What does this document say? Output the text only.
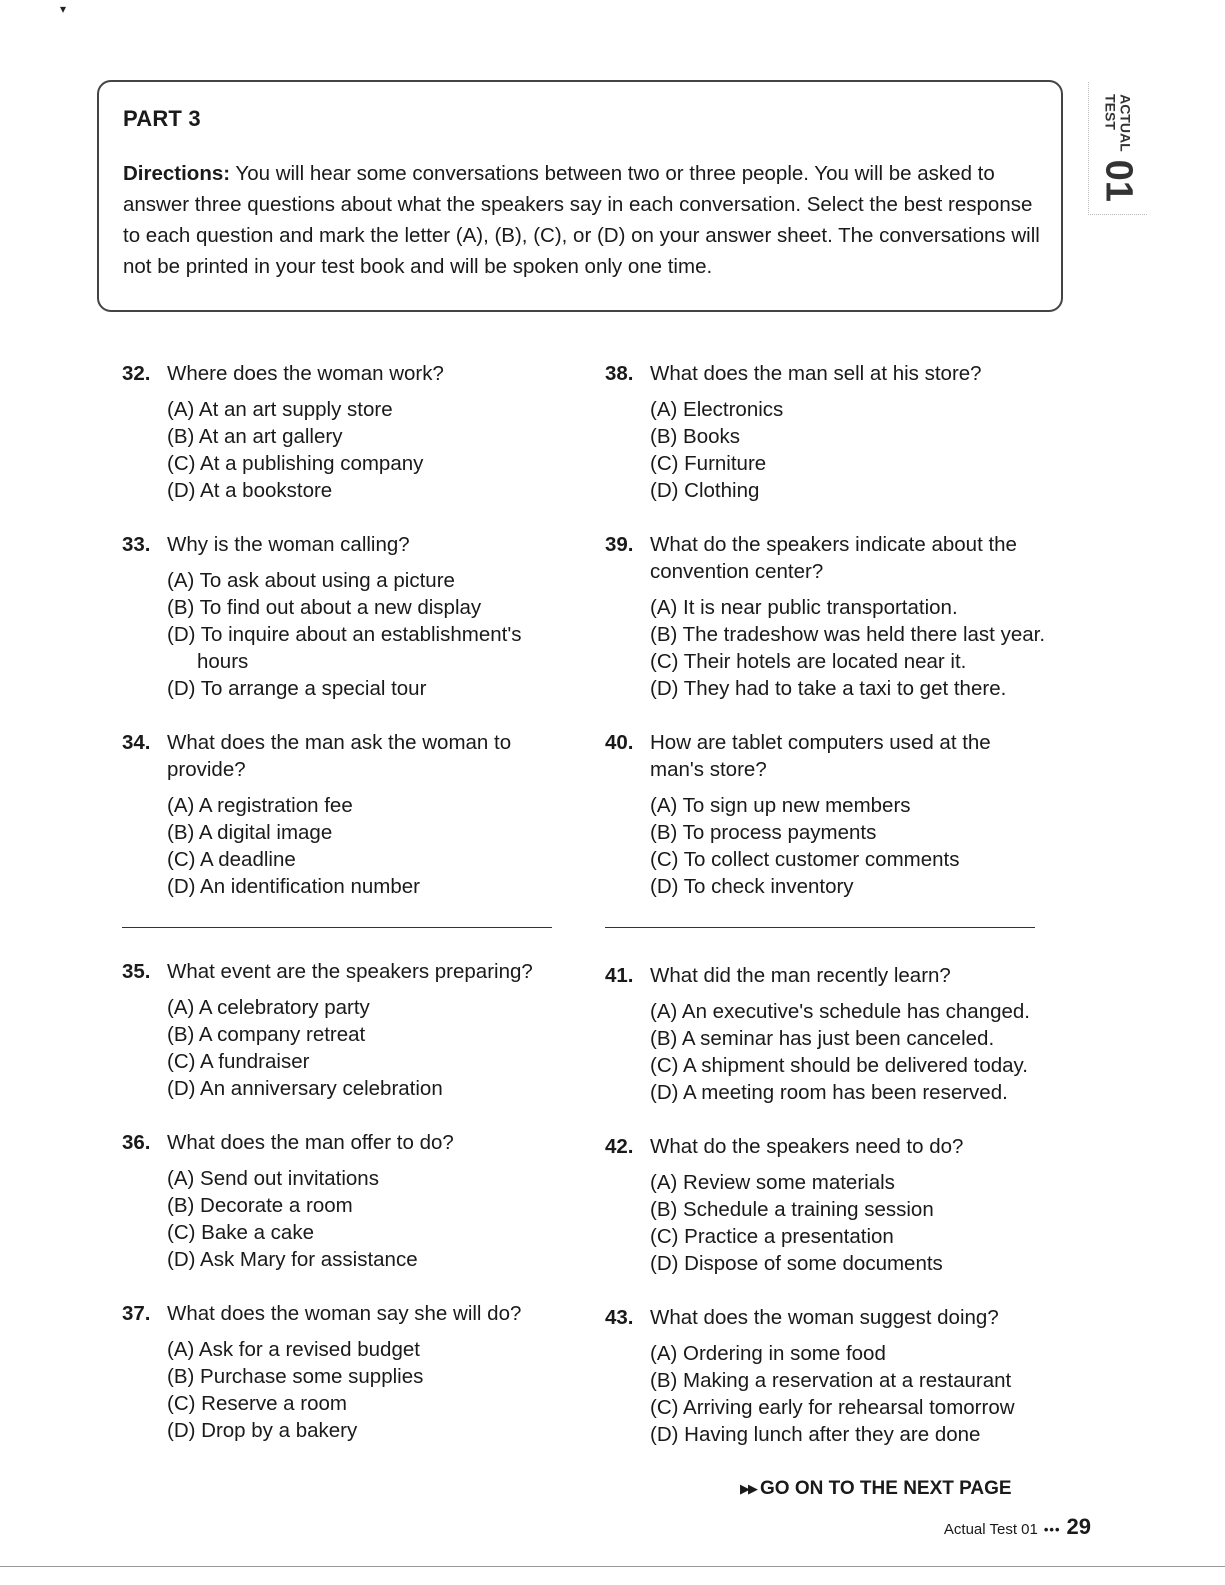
▾
PART 3

Directions: You will hear some conversations between two or three people. You will be asked to answer three questions about what the speakers say in each conversation. Select the best response to each question and mark the letter (A), (B), (C), or (D) on your answer sheet. The conversations will not be printed in your test book and will be spoken only one time.

ACTUAL
TEST
01
32. Where does the woman work?
(A) At an art supply store
(B) At an art gallery
(C) At a publishing company
(D) At a bookstore
33. Why is the woman calling?
(A) To ask about using a picture
(B) To find out about a new display
(D) To inquire about an establishment's hours
(D) To arrange a special tour
34. What does the man ask the woman to provide?
(A) A registration fee
(B) A digital image
(C) A deadline
(D) An identification number
35. What event are the speakers preparing?
(A) A celebratory party
(B) A company retreat
(C) A fundraiser
(D) An anniversary celebration
36. What does the man offer to do?
(A) Send out invitations
(B) Decorate a room
(C) Bake a cake
(D) Ask Mary for assistance
37. What does the woman say she will do?
(A) Ask for a revised budget
(B) Purchase some supplies
(C) Reserve a room
(D) Drop by a bakery
38. What does the man sell at his store?
(A) Electronics
(B) Books
(C) Furniture
(D) Clothing
39. What do the speakers indicate about the convention center?
(A) It is near public transportation.
(B) The tradeshow was held there last year.
(C) Their hotels are located near it.
(D) They had to take a taxi to get there.
40. How are tablet computers used at the man's store?
(A) To sign up new members
(B) To process payments
(C) To collect customer comments
(D) To check inventory
41. What did the man recently learn?
(A) An executive's schedule has changed.
(B) A seminar has just been canceled.
(C) A shipment should be delivered today.
(D) A meeting room has been reserved.
42. What do the speakers need to do?
(A) Review some materials
(B) Schedule a training session
(C) Practice a presentation
(D) Dispose of some documents
43. What does the woman suggest doing?
(A) Ordering in some food
(B) Making a reservation at a restaurant
(C) Arriving early for rehearsal tomorrow
(D) Having lunch after they are done
▶▶ GO ON TO THE NEXT PAGE
Actual Test 01 ••• 29
